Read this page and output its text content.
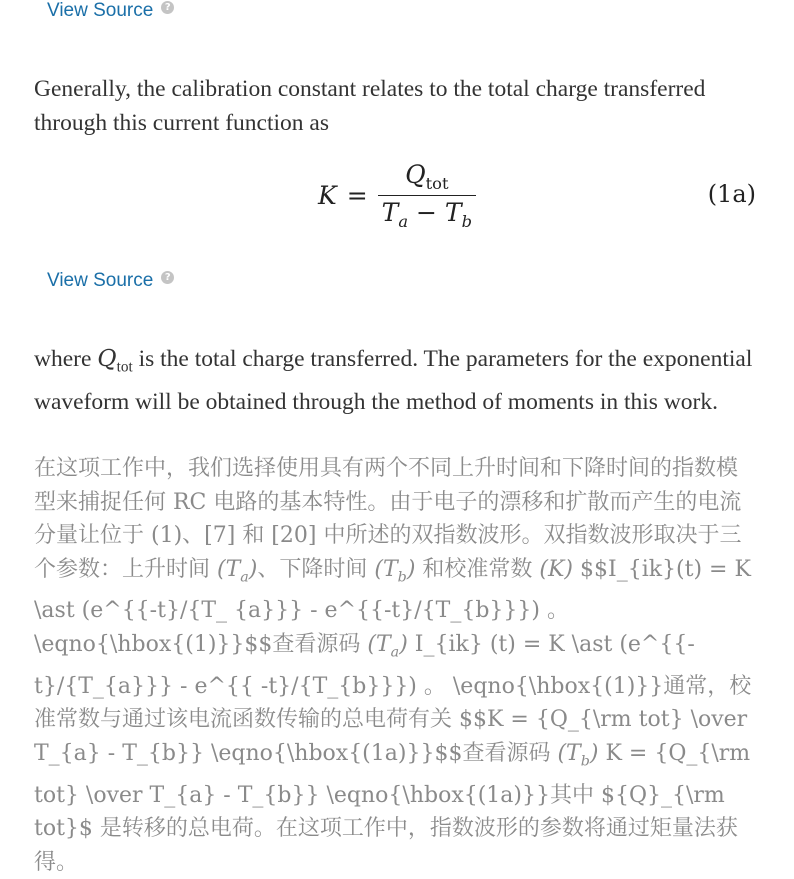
View Source	?

Generally, the calibration constant relates to the total charge transferred through this current function as

$K = \frac{Q_{tot}}{T_a - T_b}$	(1a)
View Source	?

where $Q_{tot}$ is the total charge transferred. The parameters for the exponential waveform will be obtained through the method of moments in this work.

在这项工作中，我们选择使用具有两个不同上升时间和下降时间的指数模型来捕捉任何 RC 电路的基本特性。由于电子的漂移和扩散而产生的电流分量让位于 (1)、[7] 和 [20] 中所述的双指数波形。双指数波形取决于三个参数：上升时间 $(T_a)$、下降时间 $(T_b)$ 和校准常数 (K) $$I_{ik}(t) = K \ast (e^{{-t}/{T_ {a}}} - e^{{-t}/{T_{b}}}) 。 \eqno{\hbox{(1)}}$$查看源码 $(T_a)$ I_{ik} (t) = K \ast (e^{{-t}/{T_{a}}} - e^{{ -t}/{T_{b}}}) 。 \eqno{\hbox{(1)}}通常，校准常数与通过该电流函数传输的总电荷有关 $$K = {Q_{\rm tot} \over T_{a} - T_{b}} \eqno{\hbox{(1a)}}$$查看源码 $(T_b) K$ = {Q_{\rm tot} \over T_{a} - T_{b}} \eqno{\hbox{(1a)}}其中 ${Q}_{\rm tot}$ 是转移的总电荷。在这项工作中，指数波形的参数将通过矩量法获得。
